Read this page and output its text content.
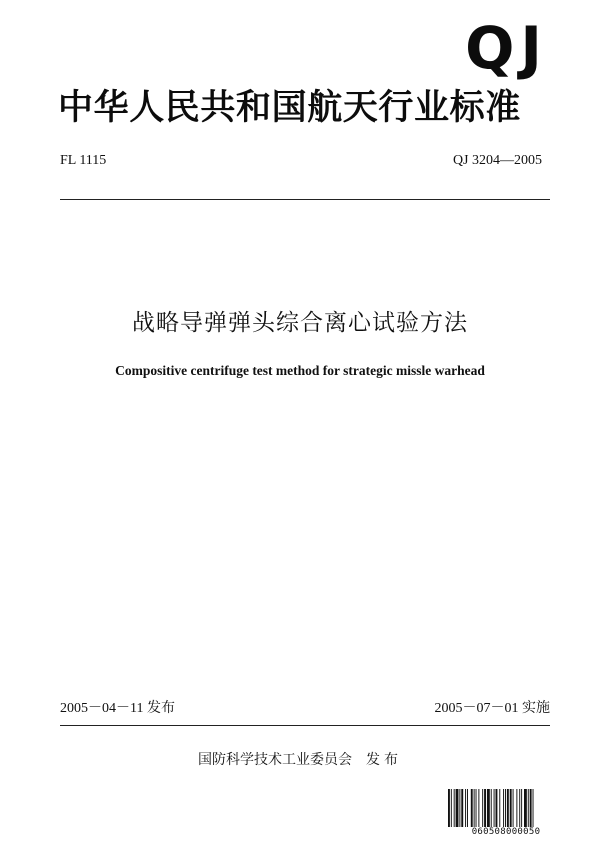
QJ
中华人民共和国航天行业标准
FL 1115	QJ 3204—2005
战略导弹弹头综合离心试验方法
Compositive centrifuge test method for strategic missle warhead
2005－04－11 发布	2005－07－01 实施
国防科学技术工业委员会 发布
060508000050
